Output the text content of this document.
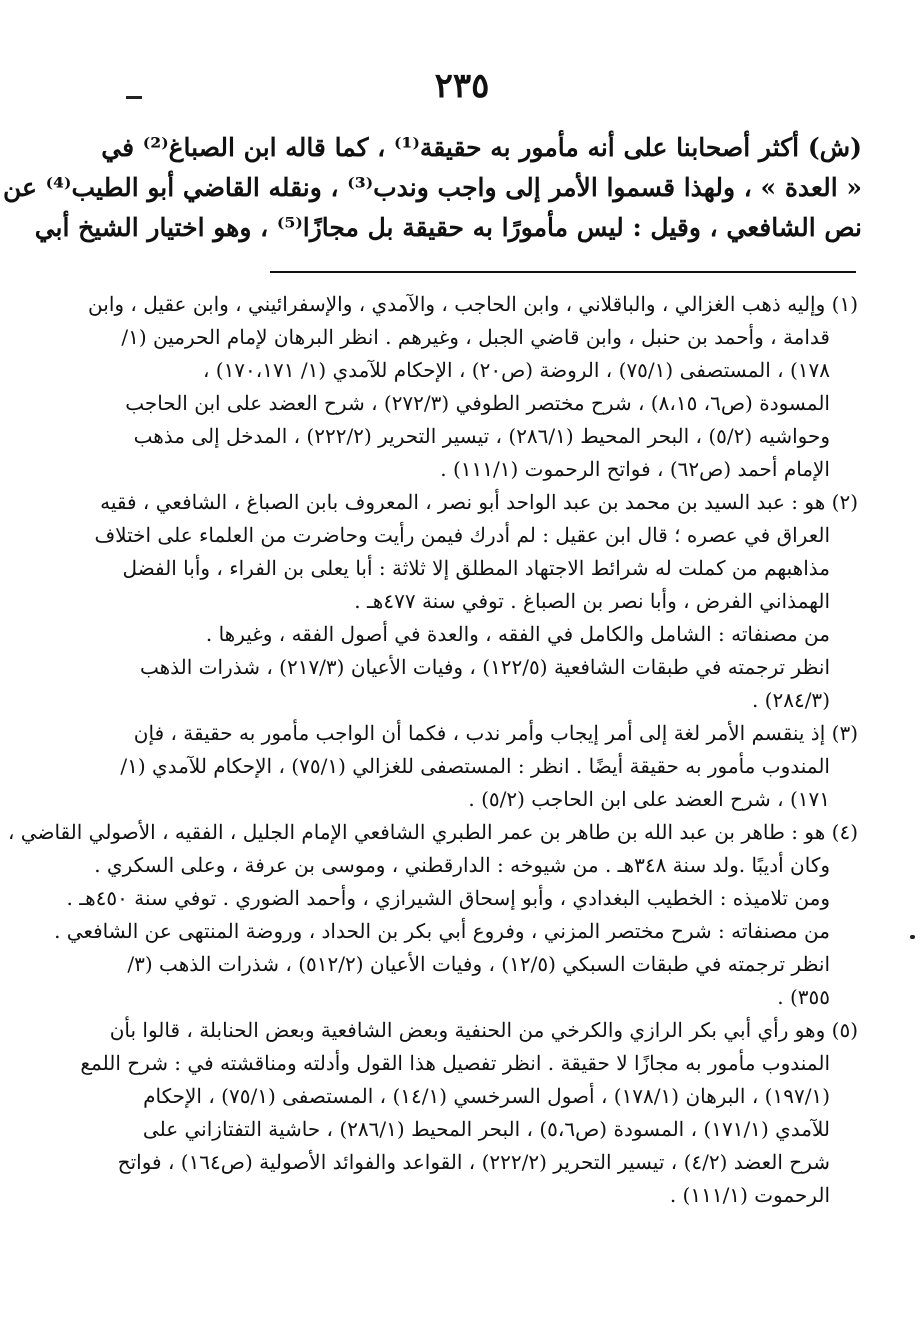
٢٣٥
(ش) أكثر أصحابنا على أنه مأمور به حقيقة⁽¹⁾ ، كما قاله ابن الصباغ⁽²⁾ في
« العدة » ، ولهذا قسموا الأمر إلى واجب وندب⁽³⁾ ، ونقله القاضي أبو الطيب⁽⁴⁾ عن
نص الشافعي ، وقيل : ليس مأمورًا به حقيقة بل مجازًا⁽⁵⁾ ، وهو اختيار الشيخ أبي
(١) وإليه ذهب الغزالي ، والباقلاني ، وابن الحاجب ، والآمدي ، والإسفرائيني ، وابن عقيل ، وابن
قدامة ، وأحمد بن حنبل ، وابن قاضي الجبل ، وغيرهم . انظر البرهان لإمام الحرمين (١/
١٧٨) ، المستصفى (٧٥/١) ، الروضة (ص٢٠) ، الإحكام للآمدي (١/ ١٧٠،١٧١) ،
المسودة (ص٦، ٨،١٥) ، شرح مختصر الطوفي (٢٧٢/٣) ، شرح العضد على ابن الحاجب
وحواشيه (٥/٢) ، البحر المحيط (٢٨٦/١) ، تيسير التحرير (٢٢٢/٢) ، المدخل إلى مذهب
الإمام أحمد (ص٦٢) ، فواتح الرحموت (١١١/١) .
(٢) هو : عبد السيد بن محمد بن عبد الواحد أبو نصر ، المعروف بابن الصباغ ، الشافعي ، فقيه
العراق في عصره ؛ قال ابن عقيل : لم أدرك فيمن رأيت وحاضرت من العلماء على اختلاف
مذاهبهم من كملت له شرائط الاجتهاد المطلق إلا ثلاثة : أبا يعلى بن الفراء ، وأبا الفضل
الهمذاني الفرض ، وأبا نصر بن الصباغ . توفي سنة ٤٧٧هـ .
من مصنفاته : الشامل والكامل في الفقه ، والعدة في أصول الفقه ، وغيرها .
انظر ترجمته في طبقات الشافعية (١٢٢/٥) ، وفيات الأعيان (٢١٧/٣) ، شذرات الذهب
(٢٨٤/٣) .
(٣) إذ ينقسم الأمر لغة إلى أمر إيجاب وأمر ندب ، فكما أن الواجب مأمور به حقيقة ، فإن
المندوب مأمور به حقيقة أيضًا . انظر : المستصفى للغزالي (٧٥/١) ، الإحكام للآمدي (١/
١٧١) ، شرح العضد على ابن الحاجب (٥/٢) .
(٤) هو : طاهر بن عبد الله بن طاهر بن عمر الطبري الشافعي الإمام الجليل ، الفقيه ، الأصولي القاضي ،
وكان أديبًا .ولد سنة ٣٤٨هـ . من شيوخه : الدارقطني ، وموسى بن عرفة ، وعلى السكري .
ومن تلاميذه : الخطيب البغدادي ، وأبو إسحاق الشيرازي ، وأحمد الضوري . توفي سنة ٤٥٠هـ .
من مصنفاته : شرح مختصر المزني ، وفروع أبي بكر بن الحداد ، وروضة المنتهى عن الشافعي .
انظر ترجمته في طبقات السبكي (١٢/٥) ، وفيات الأعيان (٥١٢/٢) ، شذرات الذهب (٣/
٣٥٥) .
(٥) وهو رأي أبي بكر الرازي والكرخي من الحنفية وبعض الشافعية وبعض الحنابلة ، قالوا بأن
المندوب مأمور به مجازًا لا حقيقة . انظر تفصيل هذا القول وأدلته ومناقشته في : شرح اللمع
(١٩٧/١) ، البرهان (١٧٨/١) ، أصول السرخسي (١٤/١) ، المستصفى (٧٥/١) ، الإحكام
للآمدي (١٧١/١) ، المسودة (ص٥،٦) ، البحر المحيط (٢٨٦/١) ، حاشية التفتازاني على
شرح العضد (٤/٢) ، تيسير التحرير (٢٢٢/٢) ، القواعد والفوائد الأصولية (ص١٦٤) ، فواتح
الرحموت (١١١/١) .
